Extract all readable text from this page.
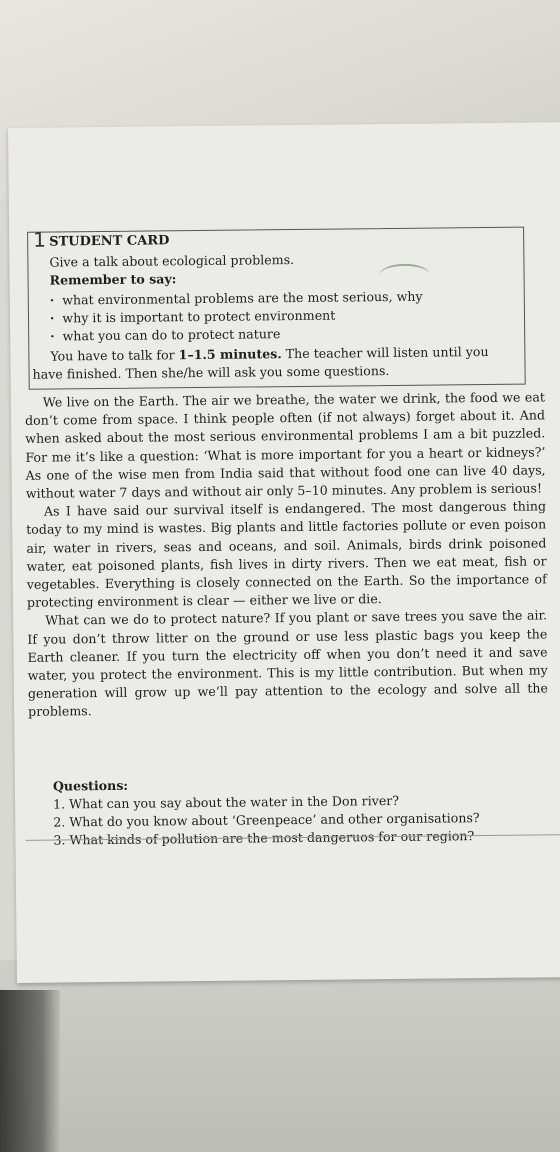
1 STUDENT CARD
Give a talk about ecological problems.
Remember to say:
· what environmental problems are the most serious, why
· why it is important to protect environment
· what you can do to protect nature
You have to talk for 1–1.5 minutes. The teacher will listen until you have finished. Then she/he will ask you some questions.

We live on the Earth. The air we breathe, the water we drink, the food we eat don’t come from space. I think people often (if not always) forget about it. And when asked about the most serious environmental problems I am a bit puzzled. For me it’s like a question: ‘What is more important for you a heart or kidneys?’ As one of the wise men from India said that without food one can live 40 days, without water 7 days and without air only 5–10 minutes. Any problem is serious!

As I have said our survival itself is endangered. The most dangerous thing today to my mind is wastes. Big plants and little factories pollute or even poison air, water in rivers, seas and oceans, and soil. Animals, birds drink poisoned water, eat poisoned plants, fish lives in dirty rivers. Then we eat meat, fish or vegetables. Everything is closely connected on the Earth. So the importance of protecting environment is clear — either we live or die.

What can we do to protect nature? If you plant or save trees you save the air. If you don’t throw litter on the ground or use less plastic bags you keep the Earth cleaner. If you turn the electricity off when you don’t need it and save water, you protect the environment. This is my little contribution. But when my generation will grow up we’ll pay attention to the ecology and solve all the problems.

Questions:
1. What can you say about the water in the Don river?
2. What do you know about ‘Greenpeace’ and other organisations?
3. What kinds of pollution are the most dangeruos for our region?
